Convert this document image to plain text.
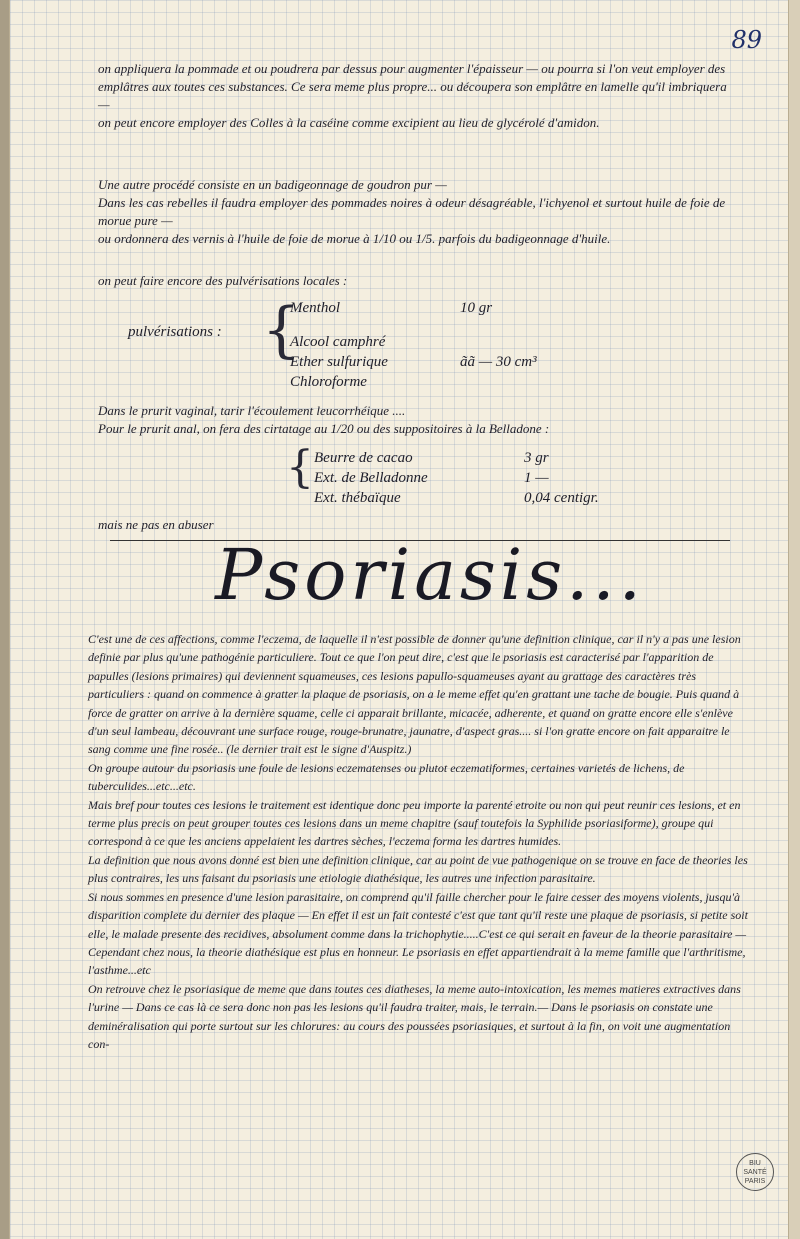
89

on appliquera la pommade et ou poudrera par dessus pour augmenter l'épaisseur — ou pourra si l'on veut employer des emplâtres aux toutes ces substances. Ce sera meme plus propre... ou découpera son emplâtre en lamelle qu'il imbriquera —
on peut encore employer des Colles à la caséine comme excipient au lieu de glycérolé d'amidon.

Une autre procédé consiste en un badigeonnage de goudron pur —
Dans les cas rebelles il faudra employer des pommades noires à odeur désagréable, l'ichyenol et surtout huile de foie de morue pure —
ou ordonnera des vernis à l'huile de foie de morue à 1/10 ou 1/5. parfois du badigeonnage d'huile.

on peut faire encore des pulvérisations locales :

pulvérisations : {
Menthol	10 gr
Alcool camphré
Ether sulfurique	ãã — 30 cm³
Chloroforme

Dans le prurit vaginal, tarir l'écoulement leucorrhéique ....
Pour le prurit anal, on fera des cirtatage au 1/20 ou des suppositoires à la Belladone :

{ Beurre de cacao	3 gr
Ext. de Belladonne	1 —
Ext. thébaïque	0,04 centigr.

mais ne pas en abuser

Psoriasis...

C'est une de ces affections, comme l'eczema, de laquelle il n'est possible de donner qu'une definition clinique, car il n'y a pas une lesion definie par plus qu'une pathogénie particuliere. Tout ce que l'on peut dire, c'est que le psoriasis est caracterisé par l'apparition de papulles (lesions primaires) qui deviennent squameuses, ces lesions papullo-squameuses ayant au grattage des caractères très particuliers : quand on commence à gratter la plaque de psoriasis, on a le meme effet qu'en grattant une tache de bougie. Puis quand à force de gratter on arrive à la dernière squame, celle ci apparait brillante, micacée, adherente, et quand on gratte encore elle s'enlève d'un seul lambeau, découvrant une surface rouge, rouge-brunatre, jaunatre, d'aspect gras.... si l'on gratte encore on fait apparaitre le sang comme une fine rosée.. (le dernier trait est le signe d'Auspitz.)
On groupe autour du psoriasis une foule de lesions eczematenses ou plutot eczematiformes, certaines varietés de lichens, de tuberculides...etc...etc.
Mais bref pour toutes ces lesions le traitement est identique donc peu importe la parenté etroite ou non qui peut reunir ces lesions, et en terme plus precis on peut grouper toutes ces lesions dans un meme chapitre (sauf toutefois la Syphilide psoriasiforme), groupe qui correspond à ce que les anciens appelaient les dartres sèches, l'eczema forma les dartres humides.
La definition que nous avons donné est bien une definition clinique, car au point de vue pathogenique on se trouve en face de theories les plus contraires, les uns faisant du psoriasis une etiologie diathésique, les autres une infection parasitaire.
Si nous sommes en presence d'une lesion parasitaire, on comprend qu'il faille chercher pour le faire cesser des moyens violents, jusqu'à disparition complete du dernier des plaque — En effet il est un fait contesté c'est que tant qu'il reste une plaque de psoriasis, si petite soit elle, le malade presente des recidives, absolument comme dans la trichophytie.....C'est ce qui serait en faveur de la theorie parasitaire —
Cependant chez nous, la theorie diathésique est plus en honneur. Le psoriasis en effet appartiendrait à la meme famille que l'arthritisme, l'asthme...etc
On retrouve chez le psoriasique de meme que dans toutes ces diatheses, la meme auto-intoxication, les memes matieres extractives dans l'urine — Dans ce cas là ce sera donc non pas les lesions qu'il faudra traiter, mais, le terrain.— Dans le psoriasis on constate une deminéralisation qui porte surtout sur les chlorures: au cours des poussées psoriasiques, et surtout à la fin, on voit une augmentation con-

BIU SANTÉ PARIS
